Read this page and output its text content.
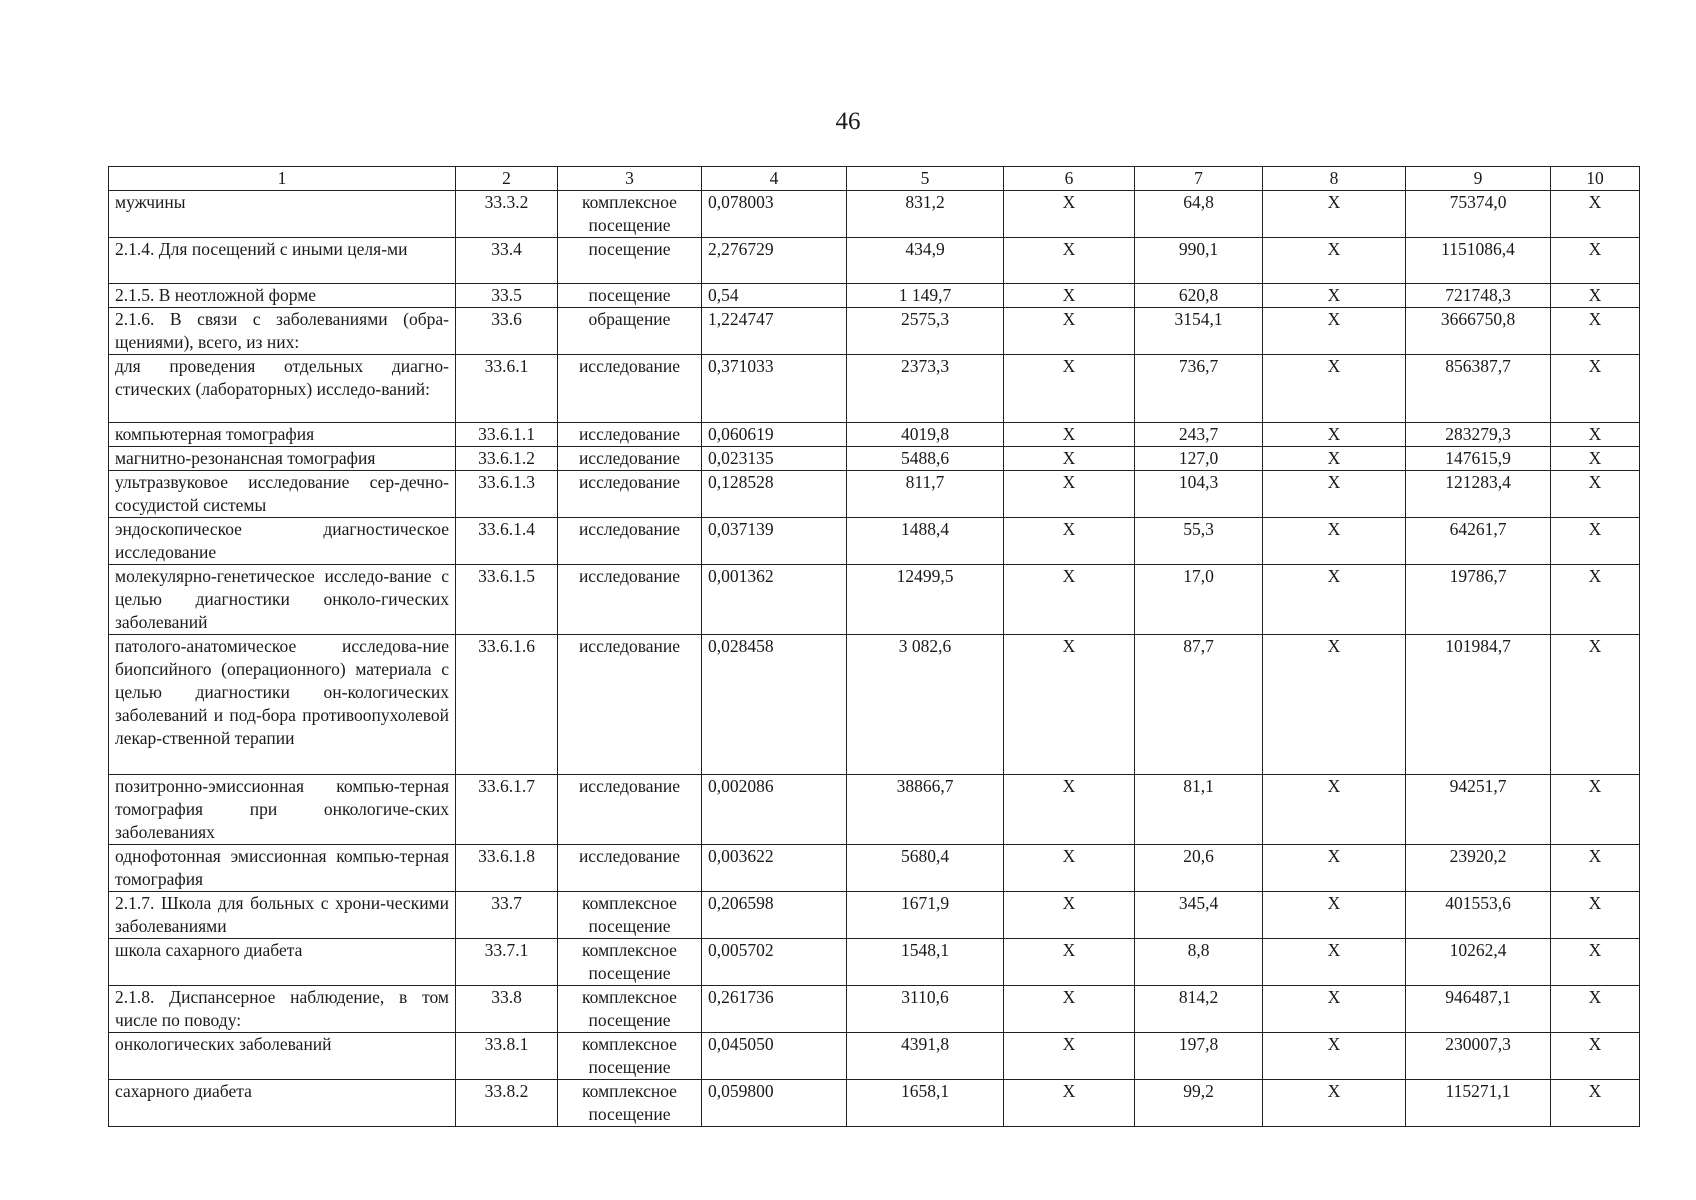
46
1	2	3	4	5	6	7	8	9	10
мужчины	33.3.2	комплексное посещение	0,078003	831,2	X	64,8	X	75374,0	X
2.1.4. Для посещений с иными целя-ми	33.4	посещение	2,276729	434,9	X	990,1	X	1151086,4	X
2.1.5. В неотложной форме	33.5	посещение	0,54	1 149,7	X	620,8	X	721748,3	X
2.1.6. В связи с заболеваниями (обра-щениями), всего, из них:	33.6	обращение	1,224747	2575,3	X	3154,1	X	3666750,8	X
для проведения отдельных диагно-стических (лабораторных) исследо-ваний:	33.6.1	исследование	0,371033	2373,3	X	736,7	X	856387,7	X
компьютерная томография	33.6.1.1	исследование	0,060619	4019,8	X	243,7	X	283279,3	X
магнитно-резонансная томография	33.6.1.2	исследование	0,023135	5488,6	X	127,0	X	147615,9	X
ультразвуковое исследование сер-дечно-сосудистой системы	33.6.1.3	исследование	0,128528	811,7	X	104,3	X	121283,4	X
эндоскопическое диагностическое исследование	33.6.1.4	исследование	0,037139	1488,4	X	55,3	X	64261,7	X
молекулярно-генетическое исследо-вание с целью диагностики онколо-гических заболеваний	33.6.1.5	исследование	0,001362	12499,5	X	17,0	X	19786,7	X
патолого-анатомическое исследова-ние биопсийного (операционного) материала с целью диагностики он-кологических заболеваний и под-бора противоопухолевой лекар-ственной терапии	33.6.1.6	исследование	0,028458	3 082,6	X	87,7	X	101984,7	X
позитронно-эмиссионная компью-терная томография при онкологиче-ских заболеваниях	33.6.1.7	исследование	0,002086	38866,7	X	81,1	X	94251,7	X
однофотонная эмиссионная компью-терная томография	33.6.1.8	исследование	0,003622	5680,4	X	20,6	X	23920,2	X
2.1.7. Школа для больных с хрони-ческими заболеваниями	33.7	комплексное посещение	0,206598	1671,9	X	345,4	X	401553,6	X
школа сахарного диабета	33.7.1	комплексное посещение	0,005702	1548,1	X	8,8	X	10262,4	X
2.1.8. Диспансерное наблюдение, в том числе по поводу:	33.8	комплексное посещение	0,261736	3110,6	X	814,2	X	946487,1	X
онкологических заболеваний	33.8.1	комплексное посещение	0,045050	4391,8	X	197,8	X	230007,3	X
сахарного диабета	33.8.2	комплексное посещение	0,059800	1658,1	X	99,2	X	115271,1	X
